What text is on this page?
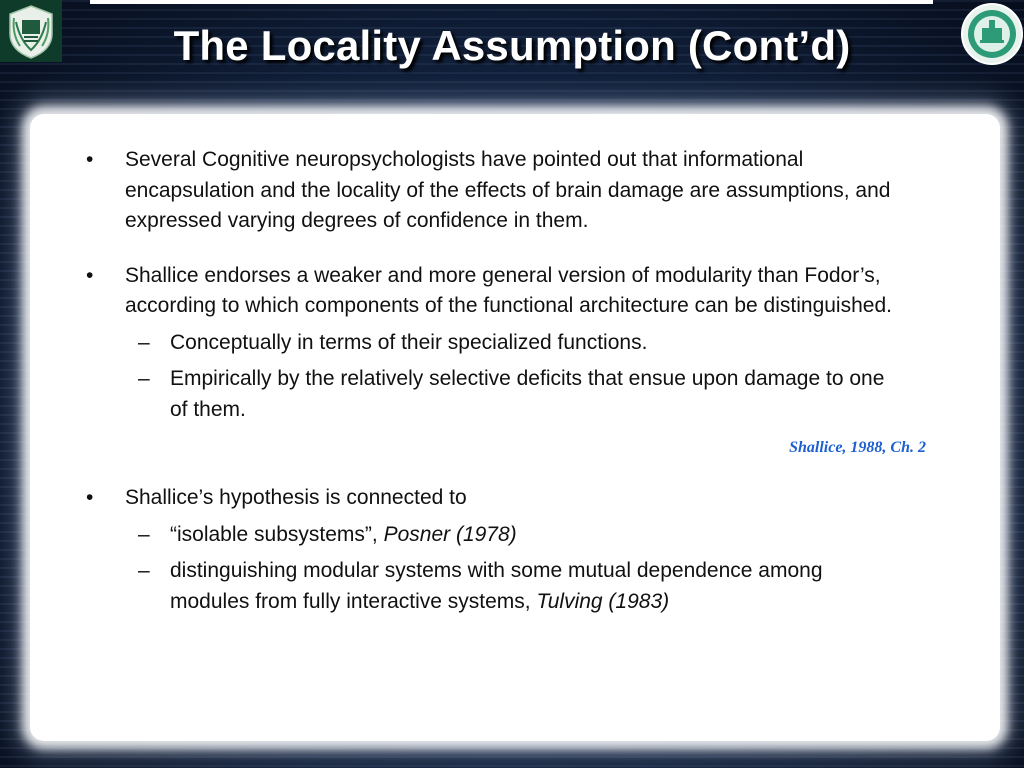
The Locality Assumption (Cont’d)
•	Several Cognitive neuropsychologists have pointed out that informational encapsulation and the locality of the effects of brain damage are assumptions, and expressed varying degrees of confidence in them.
•	Shallice endorses a weaker and more general version of modularity than Fodor’s, according to which components of the functional architecture can be distinguished.
– Conceptually in terms of their specialized functions.
– Empirically by the relatively selective deficits that ensue upon damage to one of them.
Shallice, 1988, Ch. 2
•	Shallice’s hypothesis is connected to
– “isolable subsystems”, Posner (1978)
– distinguishing modular systems with some mutual dependence among modules from fully interactive systems, Tulving (1983)
